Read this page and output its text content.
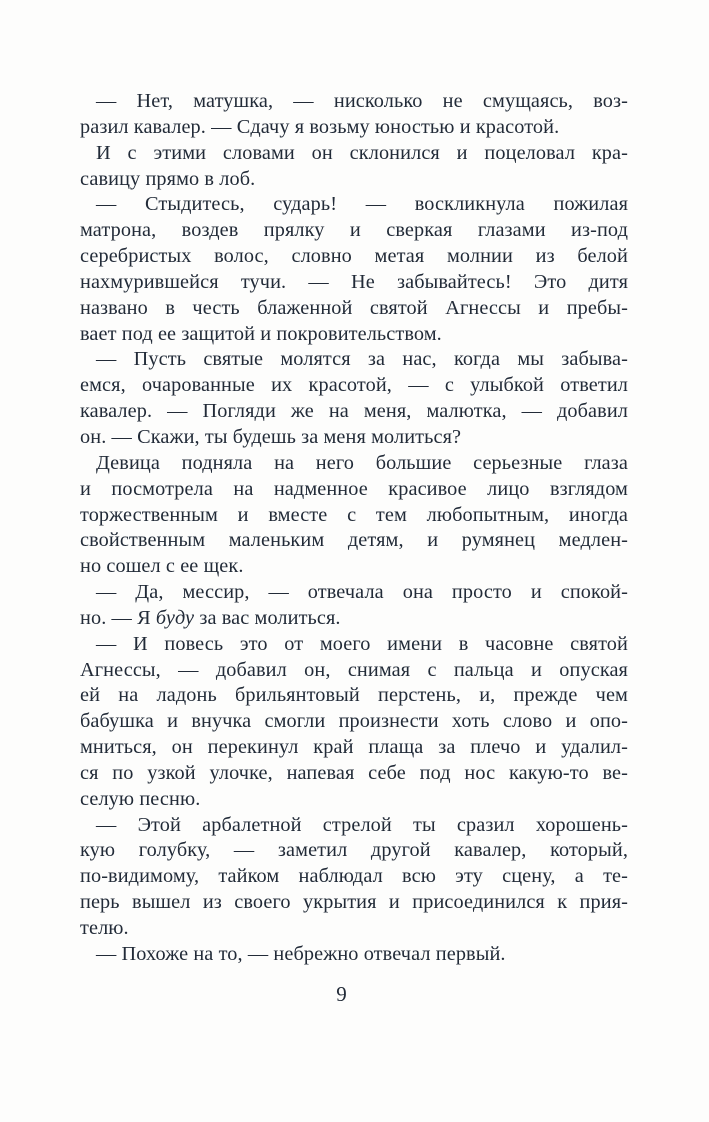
— Нет, матушка, — нисколько не смущаясь, воз-
разил кавалер. — Сдачу я возьму юностью и красотой.
И с этими словами он склонился и поцеловал кра-
савицу прямо в лоб.
— Стыдитесь, сударь! — воскликнула пожилая
матрона, воздев прялку и сверкая глазами из-под
серебристых волос, словно метая молнии из белой
нахмурившейся тучи. — Не забывайтесь! Это дитя
названо в честь блаженной святой Агнессы и пребы-
вает под ее защитой и покровительством.
— Пусть святые молятся за нас, когда мы забыва-
емся, очарованные их красотой, — с улыбкой ответил
кавалер. — Погляди же на меня, малютка, — добавил
он. — Скажи, ты будешь за меня молиться?
Девица подняла на него большие серьезные глаза
и посмотрела на надменное красивое лицо взглядом
торжественным и вместе с тем любопытным, иногда
свойственным маленьким детям, и румянец медлен-
но сошел с ее щек.
— Да, мессир, — отвечала она просто и спокой-
но. — Я буду за вас молиться.
— И повесь это от моего имени в часовне святой
Агнессы, — добавил он, снимая с пальца и опуская
ей на ладонь брильянтовый перстень, и, прежде чем
бабушка и внучка смогли произнести хоть слово и опо-
мниться, он перекинул край плаща за плечо и удалил-
ся по узкой улочке, напевая себе под нос какую-то ве-
селую песню.
— Этой арбалетной стрелой ты сразил хорошень-
кую голубку, — заметил другой кавалер, который,
по-видимому, тайком наблюдал всю эту сцену, а те-
перь вышел из своего укрытия и присоединился к прия-
телю.
— Похоже на то, — небрежно отвечал первый.
9
